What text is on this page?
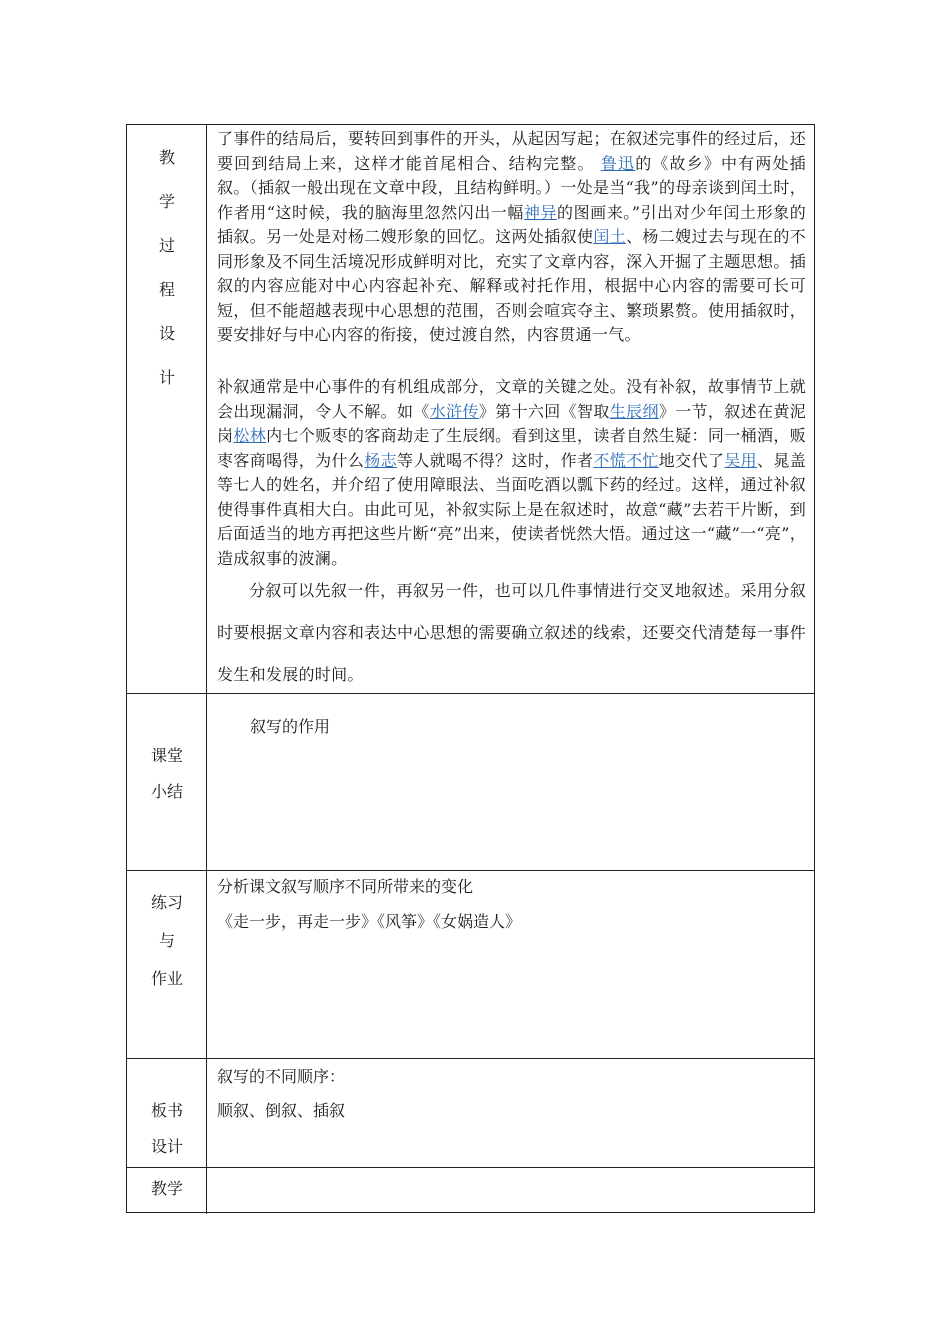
教
学
过
程
设
计

了事件的结局后，要转回到事件的开头，从起因写起；在叙述完事件的经过后，还要回到结局上来，这样才能首尾相合、结构完整。 鲁迅的《故乡》中有两处插叙。（插叙一般出现在文章中段，且结构鲜明。）一处是当“我”的母亲谈到闰土时，作者用“这时候，我的脑海里忽然闪出一幅神异的图画来。”引出对少年闰土形象的插叙。另一处是对杨二嫂形象的回忆。这两处插叙使闰土、杨二嫂过去与现在的不同形象及不同生活境况形成鲜明对比，充实了文章内容，深入开掘了主题思想。插叙的内容应能对中心内容起补充、解释或衬托作用，根据中心内容的需要可长可短，但不能超越表现中心思想的范围，否则会喧宾夺主、繁琐累赘。使用插叙时，要安排好与中心内容的衔接，使过渡自然，内容贯通一气。

补叙通常是中心事件的有机组成部分，文章的关键之处。没有补叙，故事情节上就会出现漏洞，令人不解。如《水浒传》第十六回《智取生辰纲》一节，叙述在黄泥岗松林内七个贩枣的客商劫走了生辰纲。看到这里，读者自然生疑：同一桶酒，贩枣客商喝得，为什么杨志等人就喝不得？这时，作者不慌不忙地交代了吴用、晁盖等七人的姓名，并介绍了使用障眼法、当面吃酒以瓢下药的经过。这样，通过补叙使得事件真相大白。由此可见，补叙实际上是在叙述时，故意“藏”去若干片断，到后面适当的地方再把这些片断“亮”出来，使读者恍然大悟。通过这一“藏”一“亮”，造成叙事的波澜。

分叙可以先叙一件，再叙另一件，也可以几件事情进行交叉地叙述。采用分叙时要根据文章内容和表达中心思想的需要确立叙述的线索，还要交代清楚每一事件发生和发展的时间。

课堂
小结
叙写的作用
练习
与
作业
分析课文叙写顺序不同所带来的变化
《走一步，再走一步》《风筝》《女娲造人》
板书
设计
叙写的不同顺序：
顺叙、倒叙、插叙
教学
